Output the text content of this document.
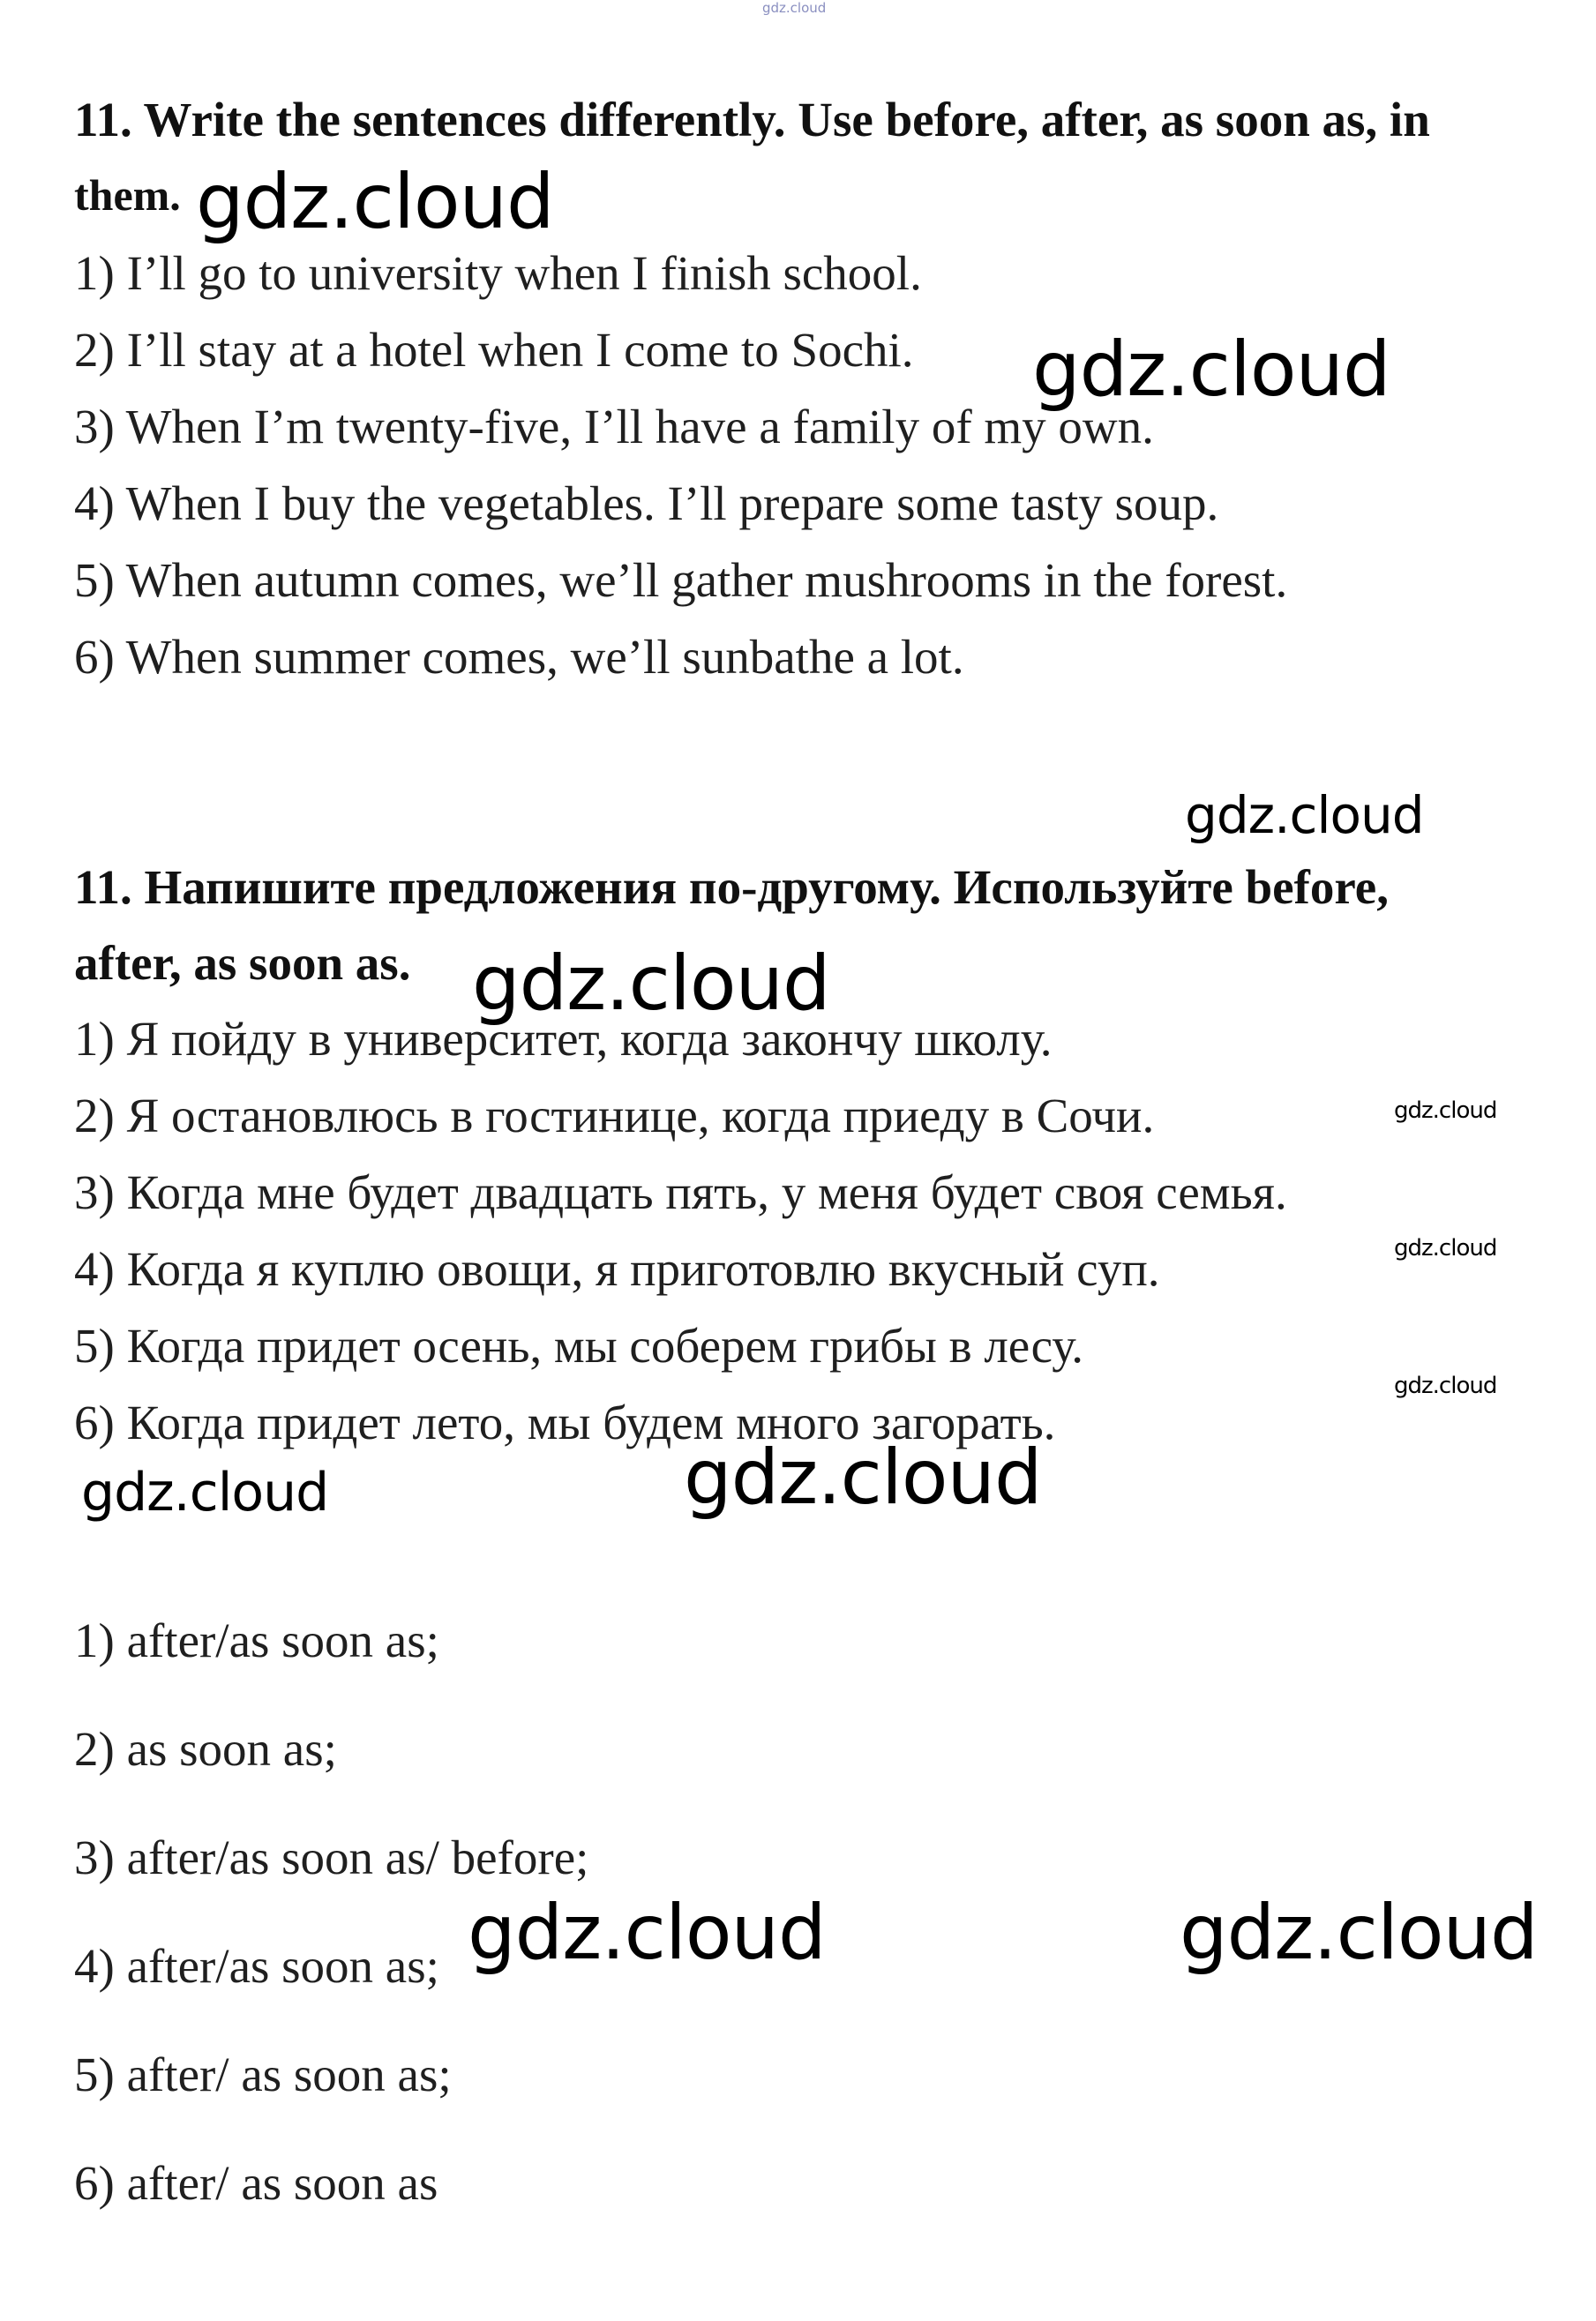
gdz.cloud
11. Write the sentences differently. Use before, after, as soon as, in
them.
1) I’ll go to university when I finish school.
2) I’ll stay at a hotel when I come to Sochi.
3) When I’m twenty-five, I’ll have a family of my own.
4) When I buy the vegetables. I’ll prepare some tasty soup.
5) When autumn comes, we’ll gather mushrooms in the forest.
6) When summer comes, we’ll sunbathe a lot.
11. Напишите предложения по-другому. Используйте before,
after, as soon as.
1) Я пойду в университет, когда закончу школу.
2) Я остановлюсь в гостинице, когда приеду в Сочи.
3) Когда мне будет двадцать пять, у меня будет своя семья.
4) Когда я куплю овощи, я приготовлю вкусный суп.
5) Когда придет осень, мы соберем грибы в лесу.
6) Когда придет лето, мы будем много загорать.
1) after/as soon as;
2) as soon as;
3) after/as soon as/ before;
4) after/as soon as;
5) after/ as soon as;
6) after/ as soon as
gdz.cloud
gdz.cloud
gdz.cloud
gdz.cloud
gdz.cloud
gdz.cloud
gdz.cloud
gdz.cloud	gdz.cloud
gdz.cloud	gdz.cloud
